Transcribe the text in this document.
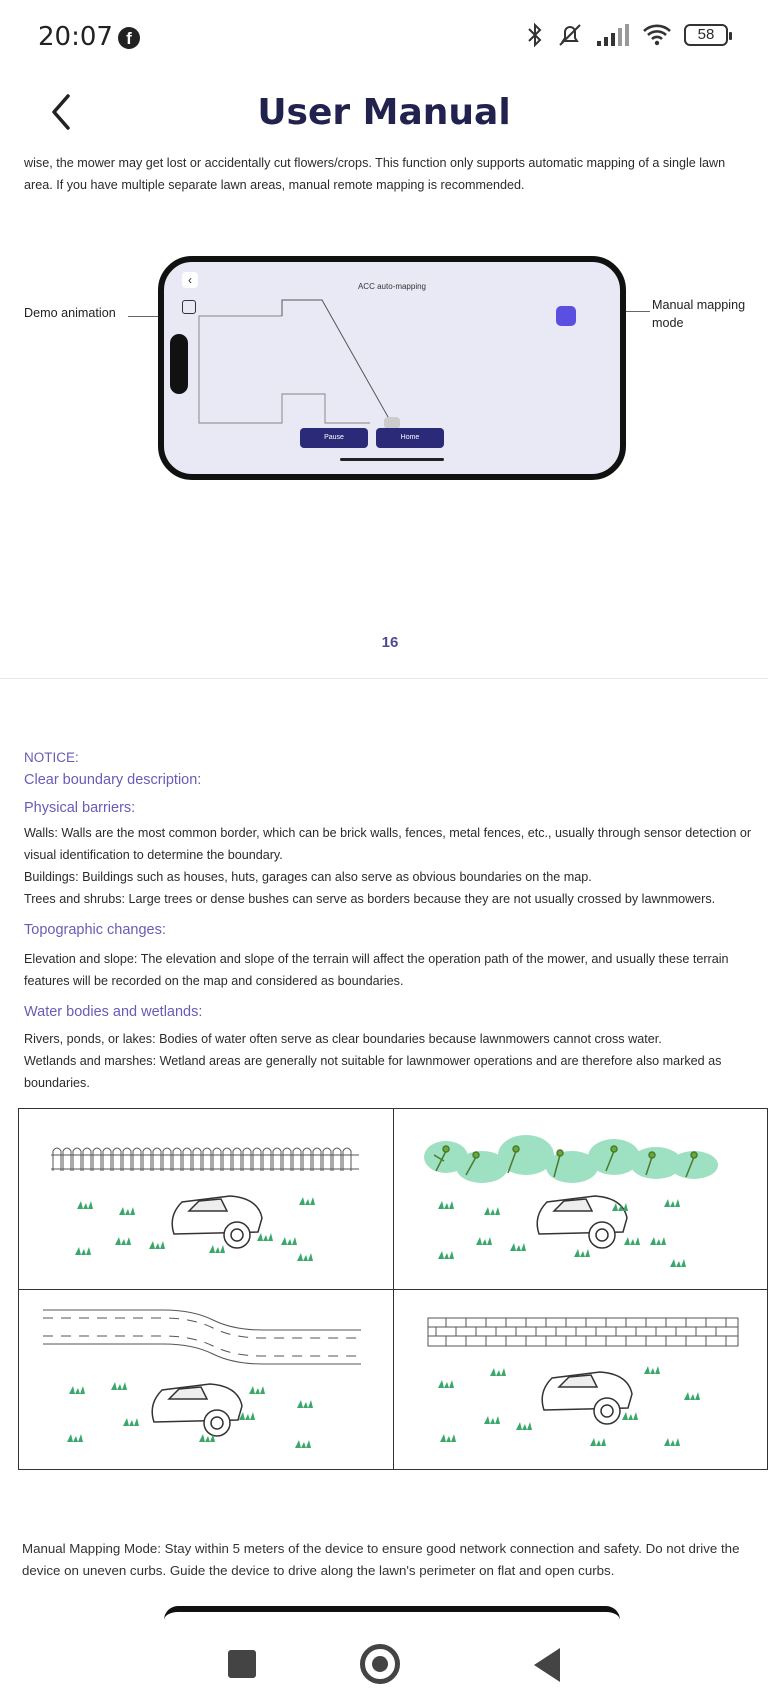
20:07 f	58
User Manual
wise, the mower may get lost or accidentally cut flowers/crops. This function only supports automatic mapping of a single lawn area. If you have multiple separate lawn areas, manual remote mapping is recommended.
Demo animation
Manual mapping mode
‹	ACC auto-mapping
Pause	Home
16
NOTICE:
Clear boundary description:
Physical barriers:
Walls: Walls are the most common border, which can be brick walls, fences, metal fences, etc., usually through sensor detection or visual identification to determine the boundary.
Buildings: Buildings such as houses, huts, garages can also serve as obvious boundaries on the map.
Trees and shrubs: Large trees or dense bushes can serve as borders because they are not usually crossed by lawnmowers.
Topographic changes:
Elevation and slope: The elevation and slope of the terrain will affect the operation path of the mower, and usually these terrain features will be recorded on the map and considered as boundaries.
Water bodies and wetlands:
Rivers, ponds, or lakes: Bodies of water often serve as clear boundaries because lawnmowers cannot cross water.
Wetlands and marshes: Wetland areas are generally not suitable for lawnmower operations and are therefore also marked as boundaries.
Manual Mapping Mode: Stay within 5 meters of the device to ensure good network connection and safety. Do not drive the device on uneven curbs. Guide the device to drive along the lawn's perimeter on flat and open curbs.
